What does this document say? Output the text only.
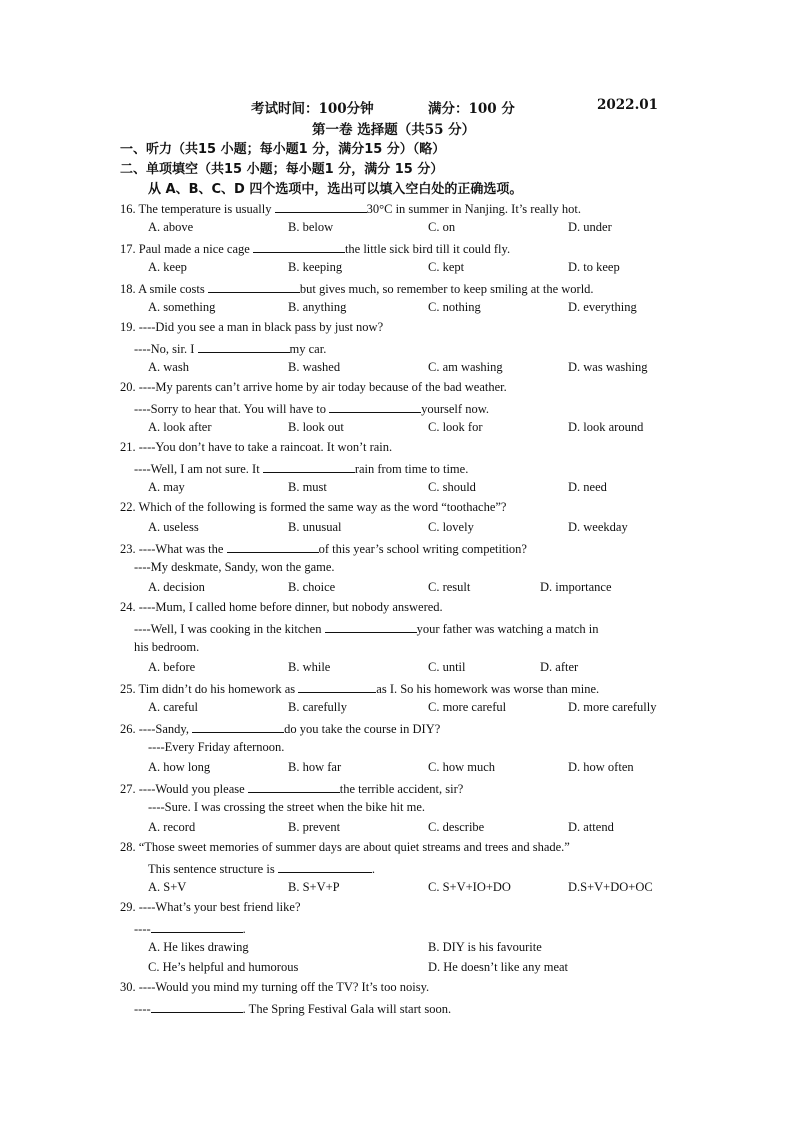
考试时间：100分钟	满分：100 分	2022.01
第一卷 选择题（共55 分）
一、听力（共15 小题；每小题1 分，满分15 分）（略）
二、单项填空（共15 小题；每小题1 分，满分 15 分）
从 A、B、C、D 四个选项中，选出可以填入空白处的正确选项。
16. The temperature is usually	30°C in summer in Nanjing. It’s really hot.
A. above	B. below	C. on	D. under
17. Paul made a nice cage	the little sick bird till it could fly.
A. keep	B. keeping	C. kept	D. to keep
18. A smile costs	but gives much, so remember to keep smiling at the world.
A. something	B. anything	C. nothing	D. everything
19. ----Did you see a man in black pass by just now?
----No, sir. I	my car.
A. wash	B. washed	C. am washing	D. was washing
20. ----My parents can’t arrive home by air today because of the bad weather.
----Sorry to hear that. You will have to	yourself now.
A. look after	B. look out	C. look for	D. look around
21. ----You don’t have to take a raincoat. It won’t rain.
----Well, I am not sure. It	rain from time to time.
A. may	B. must	C. should	D. need
22. Which of the following is formed the same way as the word “toothache”?
A. useless	B. unusual	C. lovely	D. weekday
23. ----What was the	of this year’s school writing competition?
----My deskmate, Sandy, won the game.
A. decision	B. choice	C. result	D. importance
24. ----Mum, I called home before dinner, but nobody answered.
----Well, I was cooking in the kitchen	your father was watching a match in
his bedroom.
A. before	B. while	C. until	D. after
25. Tim didn’t do his homework as	as I. So his homework was worse than mine.
A. careful	B. carefully	C. more careful	D. more carefully
26. ----Sandy,	do you take the course in DIY?
----Every Friday afternoon.
A. how long	B. how far	C. how much	D. how often
27. ----Would you please	the terrible accident, sir?
----Sure. I was crossing the street when the bike hit me.
A. record	B. prevent	C. describe	D. attend
28. “Those sweet memories of summer days are about quiet streams and trees and shade.”
This sentence structure is	.
A. S+V	B. S+V+P	C. S+V+IO+DO	D.S+V+DO+OC
29. ----What’s your best friend like?
----	.
A. He likes drawing	B. DIY is his favourite
C. He’s helpful and humorous	D. He doesn’t like any meat
30. ----Would you mind my turning off the TV? It’s too noisy.
----	. The Spring Festival Gala will start soon.
